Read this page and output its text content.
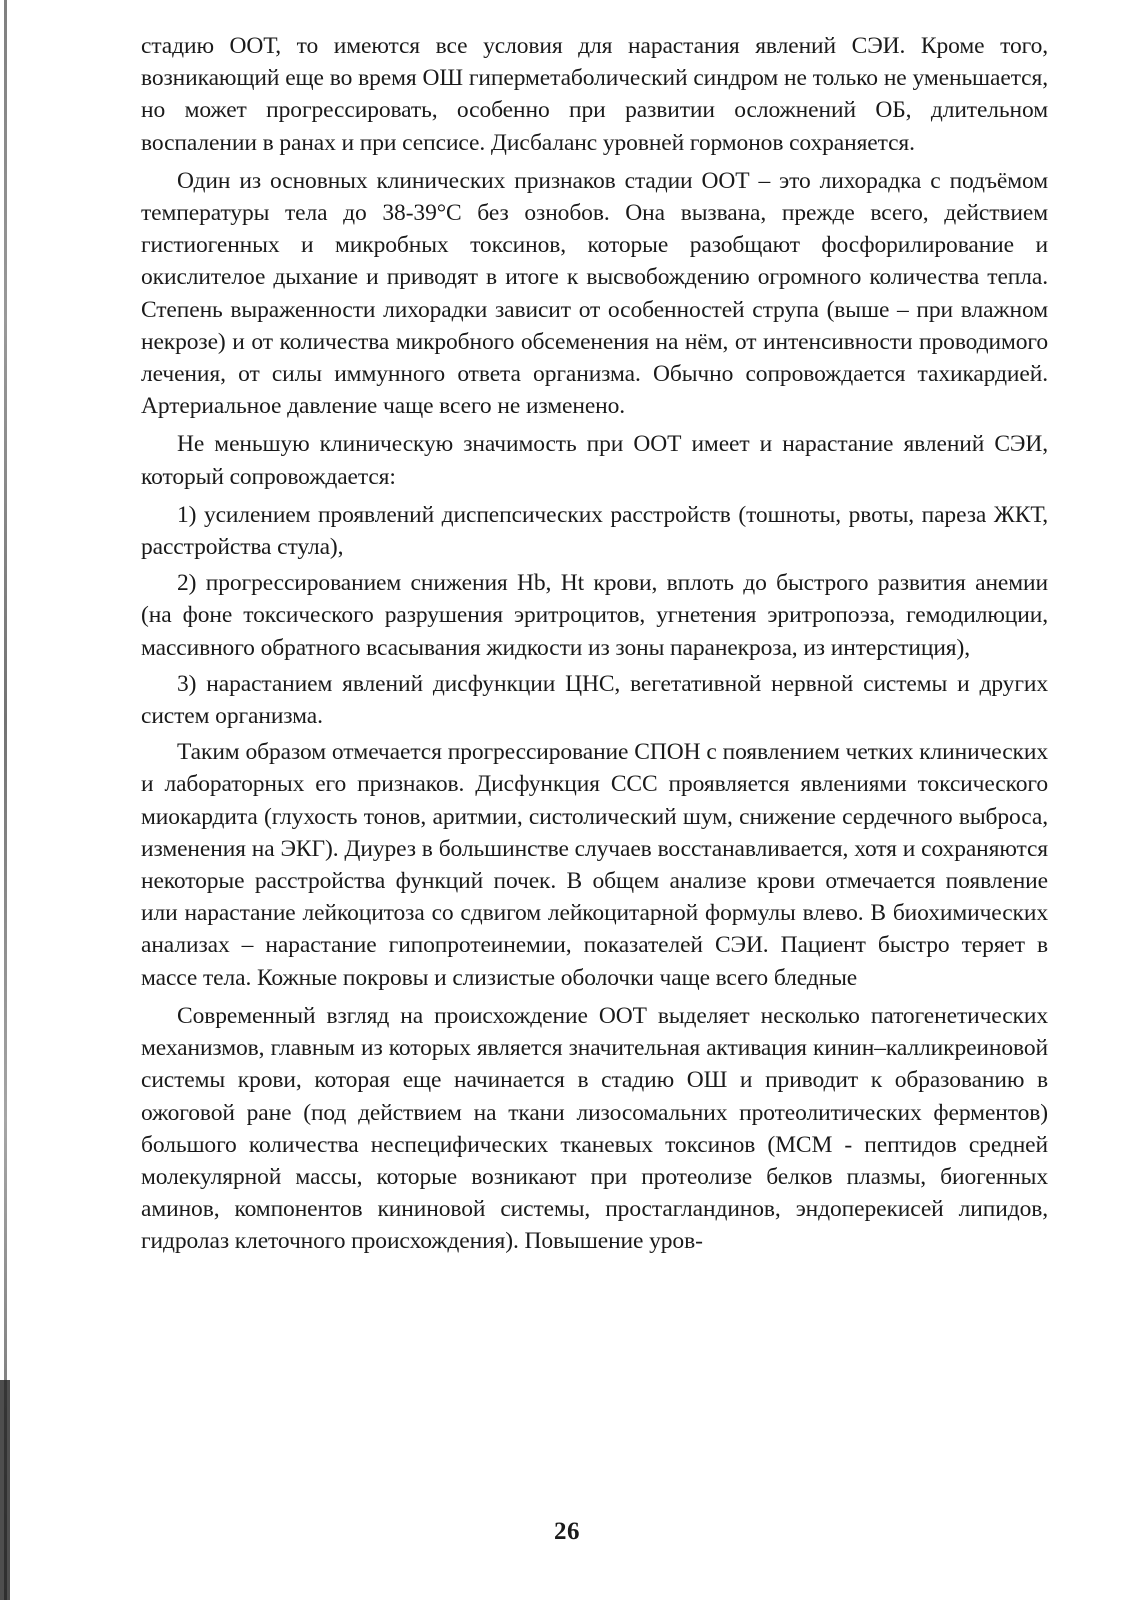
стадию ООТ, то имеются все условия для нарастания явлений СЭИ. Кроме того, возникающий еще во время ОШ гиперметаболический синдром не только не уменьшается, но может прогрессировать, особенно при развитии осложнений ОБ, длительном воспалении в ранах и при сепсисе. Дисбаланс уровней гормонов сохраняется.

Один из основных клинических признаков стадии ООТ – это лихорадка с подъёмом температуры тела до 38-39°С без ознобов. Она вызвана, прежде всего, действием гистиогенных и микробных токсинов, которые разобщают фосфорилирование и окислителое дыхание и приводят в итоге к высвобождению огромного количества тепла. Степень выраженности лихорадки зависит от особенностей струпа (выше – при влажном некрозе) и от количества микробного обсеменения на нём, от интенсивности проводимого лечения, от силы иммунного ответа организма. Обычно сопровождается тахикардией. Артериальное давление чаще всего не изменено.

Не меньшую клиническую значимость при ООТ имеет и нарастание явлений СЭИ, который сопровождается:

1) усилением проявлений диспепсических расстройств (тошноты, рвоты, пареза ЖКТ, расстройства стула),

2) прогрессированием снижения Hb, Ht крови, вплоть до быстрого развития анемии (на фоне токсического разрушения эритроцитов, угнетения эритропоэза, гемодилюции, массивного обратного всасывания жидкости из зоны паранекроза, из интерстиция),

3) нарастанием явлений дисфункции ЦНС, вегетативной нервной системы и других систем организма.

Таким образом отмечается прогрессирование СПОН с появлением четких клинических и лабораторных его признаков. Дисфункция ССС проявляется явлениями токсического миокардита (глухость тонов, аритмии, систолический шум, снижение сердечного выброса, изменения на ЭКГ). Диурез в большинстве случаев восстанавливается, хотя и сохраняются некоторые расстройства функций почек. В общем анализе крови отмечается появление или нарастание лейкоцитоза со сдвигом лейкоцитарной формулы влево. В биохимических анализах – нарастание гипопротеинемии, показателей СЭИ. Пациент быстро теряет в массе тела. Кожные покровы и слизистые оболочки чаще всего бледные

Современный взгляд на происхождение ООТ выделяет несколько патогенетических механизмов, главным из которых является значительная активация кинин–калликреиновой системы крови, которая еще начинается в стадию ОШ и приводит к образованию в ожоговой ране (под действием на ткани лизосомальних протеолитических ферментов) большого количества неспецифических тканевых токсинов (МСМ - пептидов средней молекулярной массы, которые возникают при протеолизе белков плазмы, биогенных аминов, компонентов кининовой системы, простагландинов, эндоперекисей липидов, гидролаз клеточного происхождения). Повышение уров-

26
